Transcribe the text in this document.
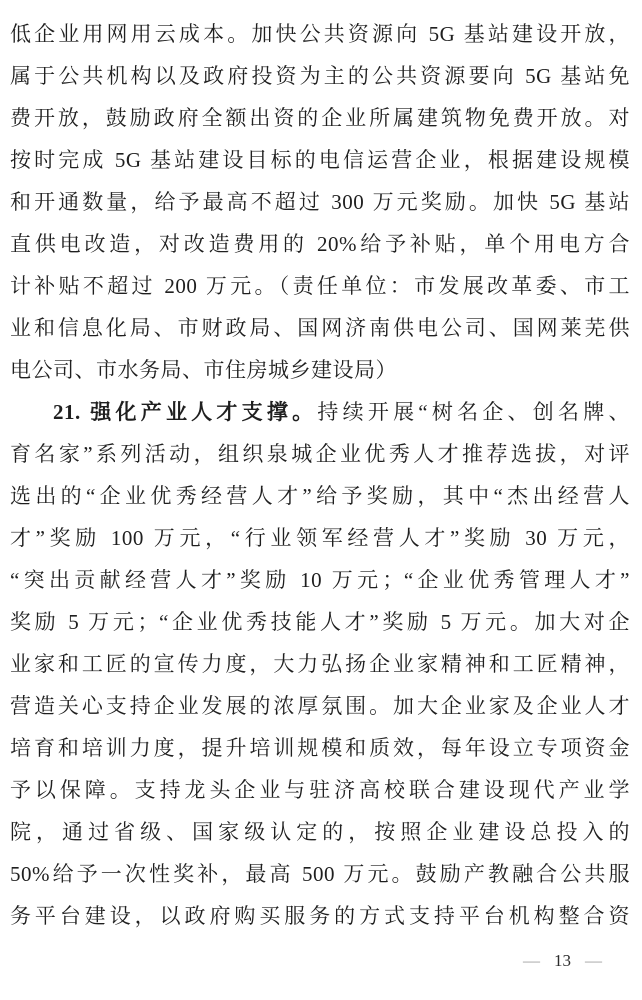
低企业用网用云成本。加快公共资源向 5G 基站建设开放，
属于公共机构以及政府投资为主的公共资源要向 5G 基站免
费开放，鼓励政府全额出资的企业所属建筑物免费开放。对
按时完成 5G 基站建设目标的电信运营企业，根据建设规模
和开通数量，给予最高不超过 300 万元奖励。加快 5G 基站
直供电改造，对改造费用的 20%给予补贴，单个用电方合
计补贴不超过 200 万元。（责任单位：市发展改革委、市工
业和信息化局、市财政局、国网济南供电公司、国网莱芜供
电公司、市水务局、市住房城乡建设局）
21. 强化产业人才支撑。持续开展“树名企、创名牌、
育名家”系列活动，组织泉城企业优秀人才推荐选拔，对评
选出的“企业优秀经营人才”给予奖励，其中“杰出经营人
才”奖励 100 万元，“行业领军经营人才”奖励 30 万元，
“突出贡献经营人才”奖励 10 万元；“企业优秀管理人才”
奖励 5 万元；“企业优秀技能人才”奖励 5 万元。加大对企
业家和工匠的宣传力度，大力弘扬企业家精神和工匠精神，
营造关心支持企业发展的浓厚氛围。加大企业家及企业人才
培育和培训力度，提升培训规模和质效，每年设立专项资金
予以保障。支持龙头企业与驻济高校联合建设现代产业学
院，通过省级、国家级认定的，按照企业建设总投入的
50%给予一次性奖补，最高 500 万元。鼓励产教融合公共服
务平台建设，以政府购买服务的方式支持平台机构整合资
— 13 —
